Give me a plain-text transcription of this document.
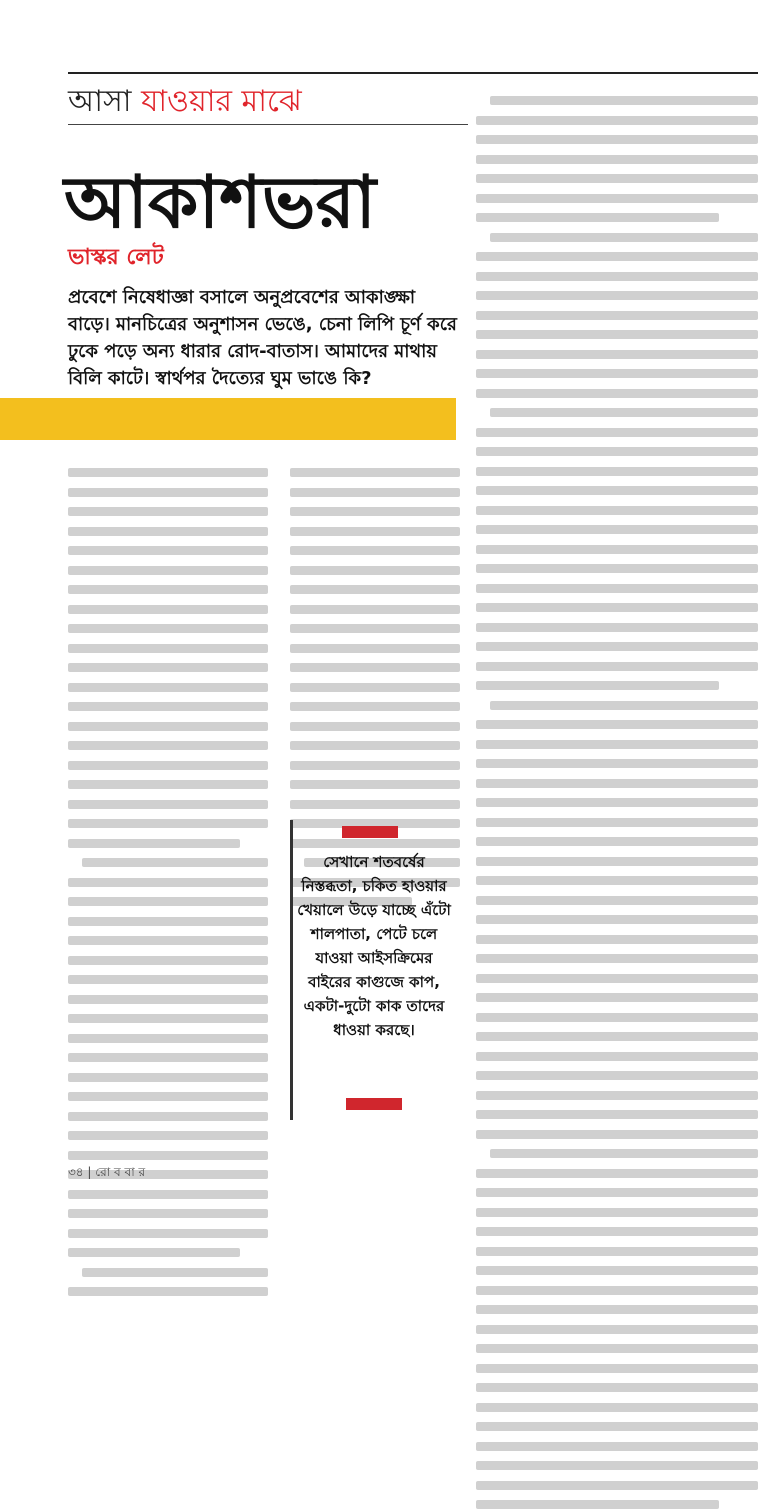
আসা যাওয়ার মাঝে
আকাশভরা
ভাস্কর লেট
প্রবেশে নিষেধাজ্ঞা বসালে অনুপ্রবেশের আকাঙ্ক্ষা বাড়ে। মানচিত্রের অনুশাসন ভেঙে, চেনা লিপি চূর্ণ করে ঢুকে পড়ে অন্য ধারার রোদ-বাতাস। আমাদের মাথায় বিলি কাটে। স্বার্থপর দৈত্যের ঘুম ভাঙে কি?
সেখানে শতবর্ষের নিস্তব্ধতা, চকিত হাওয়ার খেয়ালে উড়ে যাচ্ছে এঁটো শালপাতা, পেটে চলে যাওয়া আইসক্রিমের বাইরের কাগুজে কাপ, একটা-দুটো কাক তাদের ধাওয়া করছে।
৩৪ | রো ব বা র
